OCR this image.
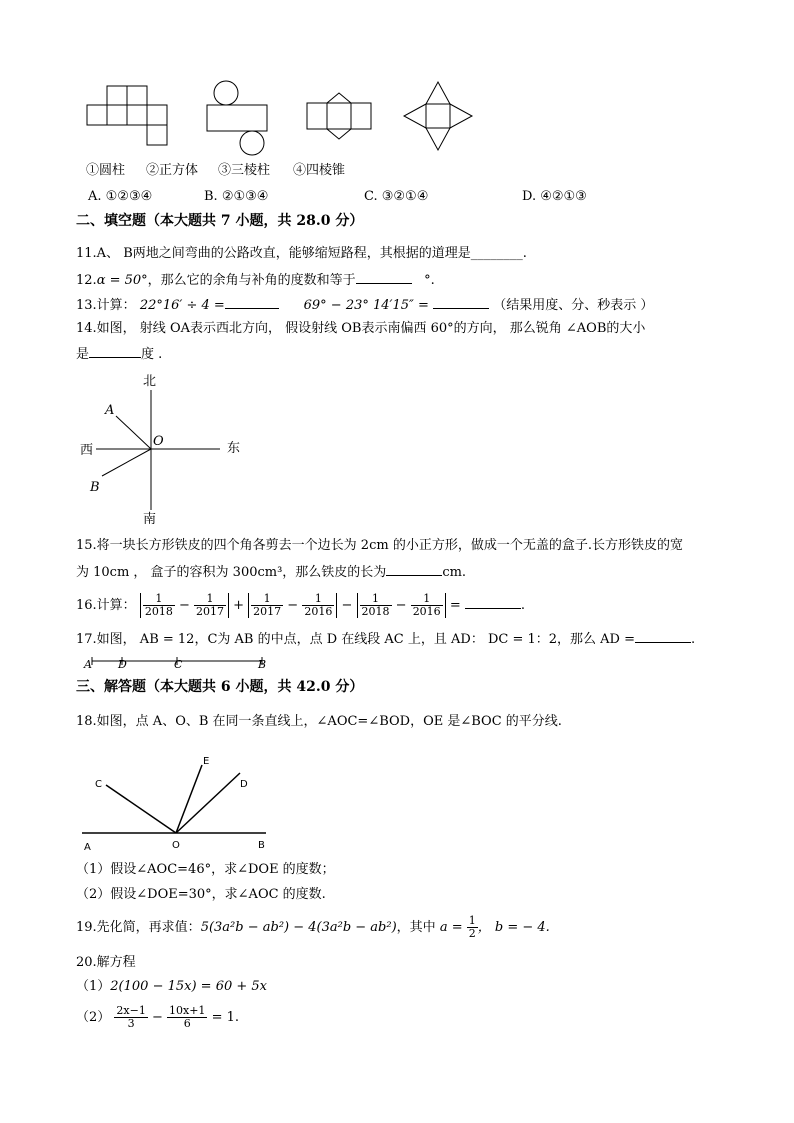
①圆柱 ②正方体 ③三棱柱 ④四棱锥
A. ①②③④	B. ②①③④	C. ③②①④	D. ④②①③
二、填空题（本大题共 7 小题，共 28.0 分）
11.A、 B两地之间弯曲的公路改直，能够缩短路程，其根据的道理是________.
12.α = 50°，那么它的余角与补角的度数和等于	°.
13.计算： 22°16′ ÷ 4 =	69° − 23° 14′15″ =	（结果用度、分、秒表示 ）
14.如图， 射线 OA表示西北方向， 假设射线 OB表示南偏西 60°的方向， 那么锐角 ∠AOB的大小
是	度 .
北
南
东
西
A
B
O
15.将一块长方形铁皮的四个角各剪去一个边长为 2cm 的小正方形，做成一个无盖的盒子.长方形铁皮的宽
为 10cm ， 盒子的容积为 300cm³，那么铁皮的长为	cm.
16.计算： $\frac{1}{2018} - \frac{1}{2017} + \frac{1}{2017} - \frac{1}{2016} - \frac{1}{2018} - \frac{1}{2016}$ =	.
17.如图， AB = 12，C为 AB 的中点，点 D 在线段 AC 上，且 AD： DC = 1：2，那么 AD =	.
A D	C	B
三、解答题（本大题共 6 小题，共 42.0 分）
18.如图，点 A、O、B 在同一条直线上，∠AOC=∠BOD，OE 是∠BOC 的平分线.
C
E
D
A	O	B
（1）假设∠AOC=46°，求∠DOE 的度数；
（2）假设∠DOE=30°，求∠AOC 的度数.
19.先化简，再求值：5(3a²b − ab²) − 4(3a²b − ab²)，其中 $a = \frac{1}{2}$ ， b = − 4.
20.解方程
（1）2(100 − 15x) = 60 + 5x
$(2) \frac{2x-1}{3} - \frac{10x+1}{6} = 1$.
